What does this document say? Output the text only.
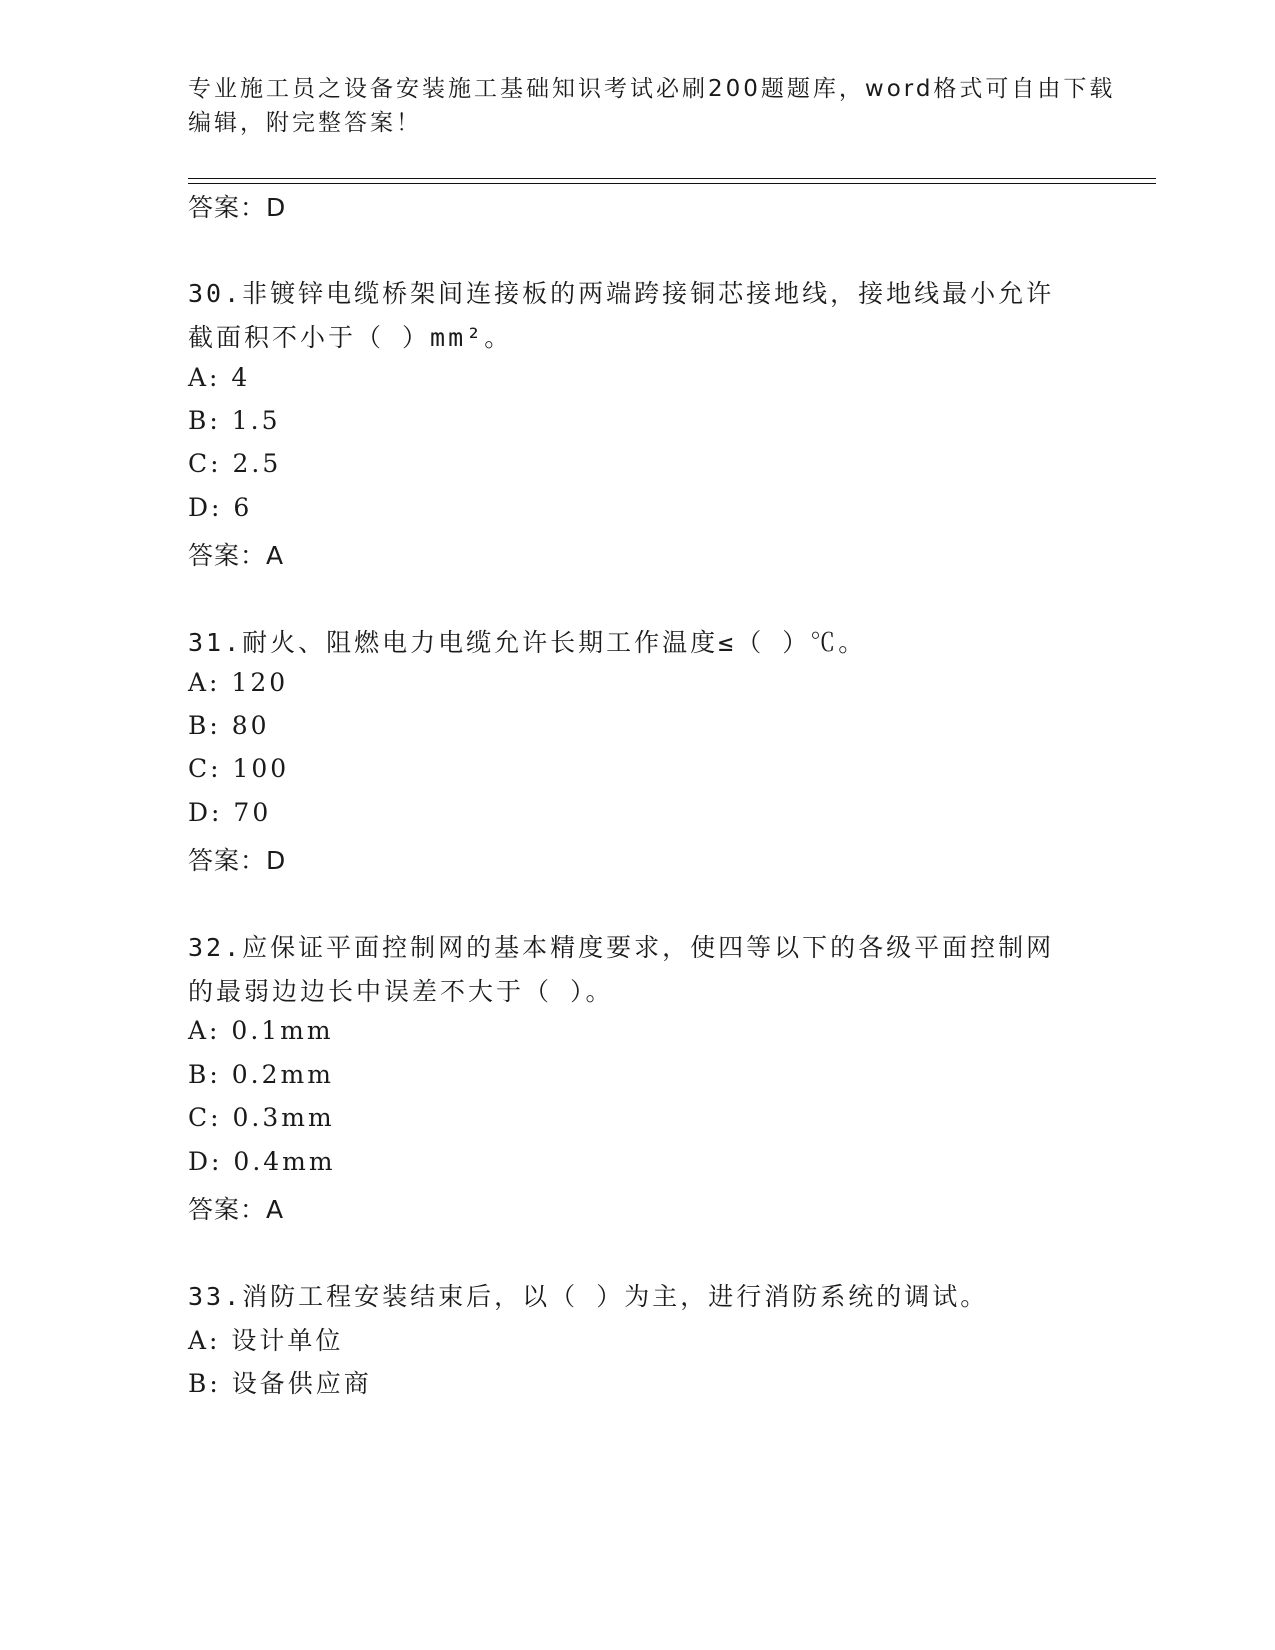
专业施工员之设备安装施工基础知识考试必刷200题题库，word格式可自由下载
编辑，附完整答案！
答案：D
30.非镀锌电缆桥架间连接板的两端跨接铜芯接地线，接地线最小允许
截面积不小于（ ）mm²。
A: 4
B: 1.5
C: 2.5
D: 6
答案：A
31.耐火、阻燃电力电缆允许长期工作温度≤（ ）℃。
A: 120
B: 80
C: 100
D: 70
答案：D
32.应保证平面控制网的基本精度要求，使四等以下的各级平面控制网
的最弱边边长中误差不大于（ ）。
A: 0.1mm
B: 0.2mm
C: 0.3mm
D: 0.4mm
答案：A
33.消防工程安装结束后，以（ ）为主，进行消防系统的调试。
A: 设计单位
B: 设备供应商
